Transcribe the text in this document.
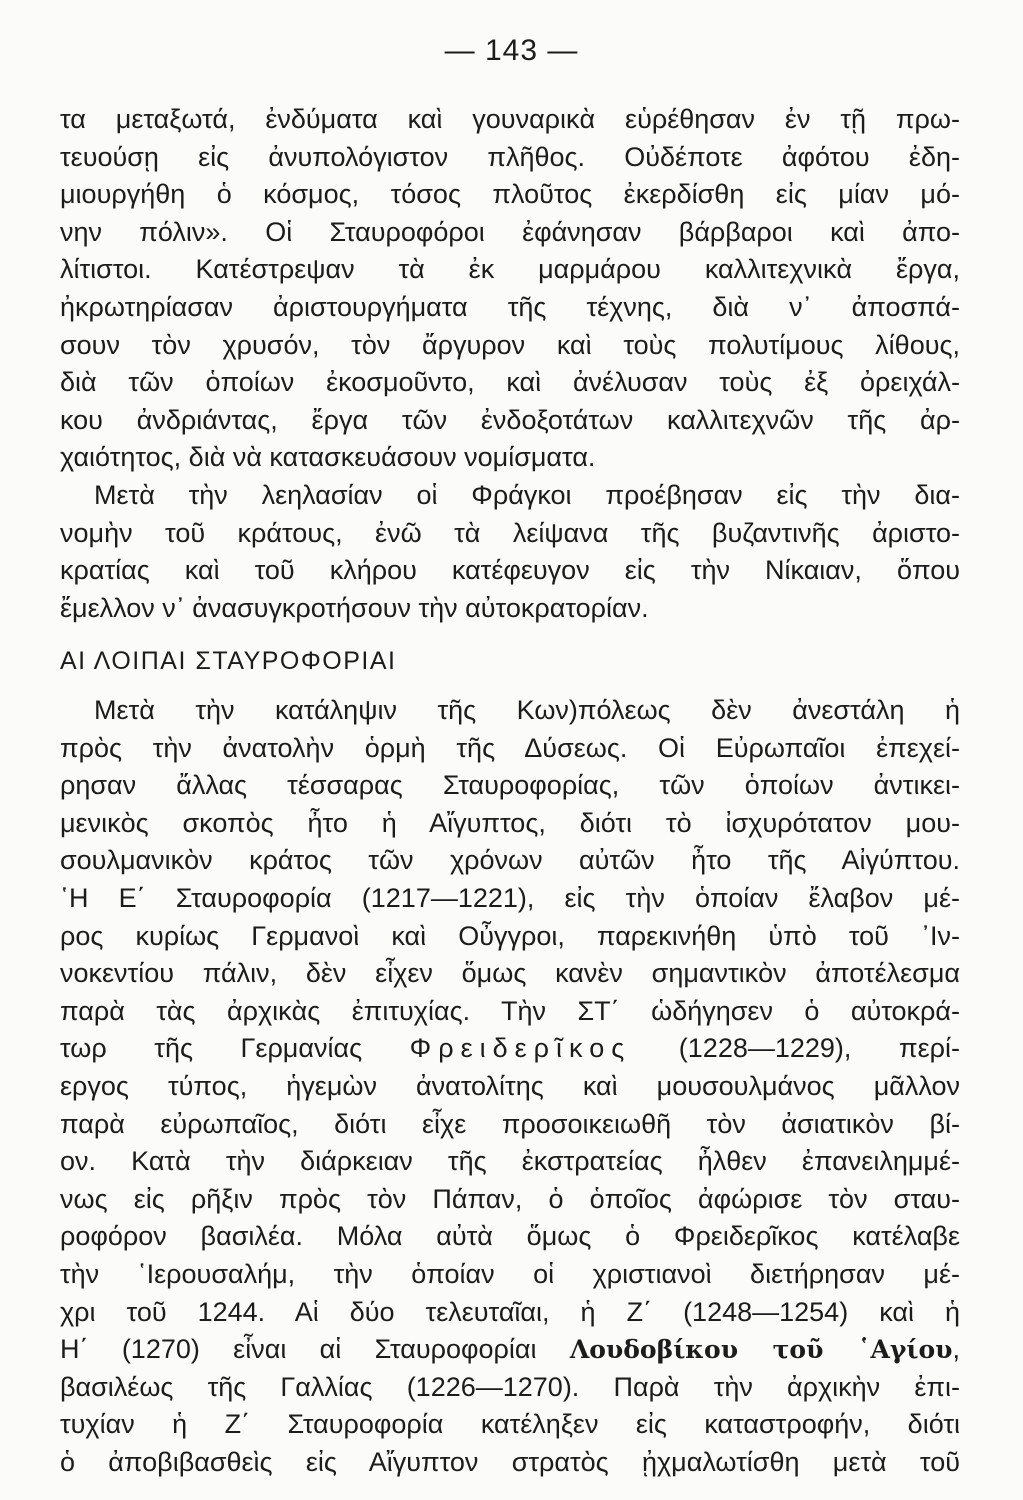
— 143 —
τα μεταξωτά, ἐνδύματα καὶ γουναρικὰ εὑρέθησαν ἐν τῇ πρω-
τευούσῃ εἰς ἀνυπολόγιστον πλῆθος. Οὐδέποτε ἀφότου ἐδη-
μιουργήθη ὁ κόσμος, τόσος πλοῦτος ἐκερδίσθη εἰς μίαν μό-
νην πόλιν». Οἱ Σταυροφόροι ἐφάνησαν βάρβαροι καὶ ἀπο-
λίτιστοι. Κατέστρεψαν τὰ ἐκ μαρμάρου καλλιτεχνικὰ ἔργα,
ἠκρωτηρίασαν ἀριστουργήματα τῆς τέχνης, διὰ ν᾿ ἀποσπά-
σουν τὸν χρυσόν, τὸν ἄργυρον καὶ τοὺς πολυτίμους λίθους,
διὰ τῶν ὁποίων ἐκοσμοῦντο, καὶ ἀνέλυσαν τοὺς ἐξ ὀρειχάλ-
κου ἀνδριάντας, ἔργα τῶν ἐνδοξοτάτων καλλιτεχνῶν τῆς ἀρ-
χαιότητος, διὰ νὰ κατασκευάσουν νομίσματα.
Μετὰ τὴν λεηλασίαν οἱ Φράγκοι προέβησαν εἰς τὴν δια-
νομὴν τοῦ κράτους, ἐνῶ τὰ λείψανα τῆς βυζαντινῆς ἀριστο-
κρατίας καὶ τοῦ κλήρου κατέφευγον εἰς τὴν Νίκαιαν, ὅπου
ἔμελλον ν᾿ ἀνασυγκροτήσουν τὴν αὐτοκρατορίαν.
ΑΙ ΛΟΙΠΑΙ ΣΤΑΥΡΟΦΟΡΙΑΙ
Μετὰ τὴν κατάληψιν τῆς Κων)πόλεως δὲν ἀνεστάλη ἡ
πρὸς τὴν ἀνατολὴν ὁρμὴ τῆς Δύσεως. Οἱ Εὐρωπαῖοι ἐπεχεί-
ρησαν ἄλλας τέσσαρας Σταυροφορίας, τῶν ὁποίων ἀντικει-
μενικὸς σκοπὸς ἦτο ἡ Αἴγυπτος, διότι τὸ ἰσχυρότατον μου-
σουλμανικὸν κράτος τῶν χρόνων αὐτῶν ἦτο τῆς Αἰγύπτου.
῾Η Ε΄ Σταυροφορία (1217—1221), εἰς τὴν ὁποίαν ἔλαβον μέ-
ρος κυρίως Γερμανοὶ καὶ Οὖγγροι, παρεκινήθη ὑπὸ τοῦ ᾿Ιν-
νοκεντίου πάλιν, δὲν εἶχεν ὅμως κανὲν σημαντικὸν ἀποτέλεσμα
παρὰ τὰς ἀρχικὰς ἐπιτυχίας. Τὴν ΣΤ΄ ὡδήγησεν ὁ αὐτοκρά-
τωρ τῆς Γερμανίας Φρειδερῖκος (1228—1229), περί-
εργος τύπος, ἡγεμὼν ἀνατολίτης καὶ μουσουλμάνος μᾶλλον
παρὰ εὐρωπαῖος, διότι εἶχε προσοικειωθῆ τὸν ἀσιατικὸν βί-
ον. Κατὰ τὴν διάρκειαν τῆς ἐκστρατείας ἦλθεν ἐπανειλημμέ-
νως εἰς ρῆξιν πρὸς τὸν Πάπαν, ὁ ὁποῖος ἀφώρισε τὸν σταυ-
ροφόρον βασιλέα. Μόλα αὐτὰ ὅμως ὁ Φρειδερῖκος κατέλαβε
τὴν ῾Ιερουσαλήμ, τὴν ὁποίαν οἱ χριστιανοὶ διετήρησαν μέ-
χρι τοῦ 1244. Αἱ δύο τελευταῖαι, ἡ Ζ΄ (1248—1254) καὶ ἡ
Η΄ (1270) εἶναι αἱ Σταυροφορίαι Λουδοβίκου τοῦ ῾Αγίου,
βασιλέως τῆς Γαλλίας (1226—1270). Παρὰ τὴν ἀρχικὴν ἐπι-
τυχίαν ἡ Ζ΄ Σταυροφορία κατέληξεν εἰς καταστροφήν, διότι
ὁ ἀποβιβασθεὶς εἰς Αἴγυπτον στρατὸς ᾐχμαλωτίσθη μετὰ τοῦ
